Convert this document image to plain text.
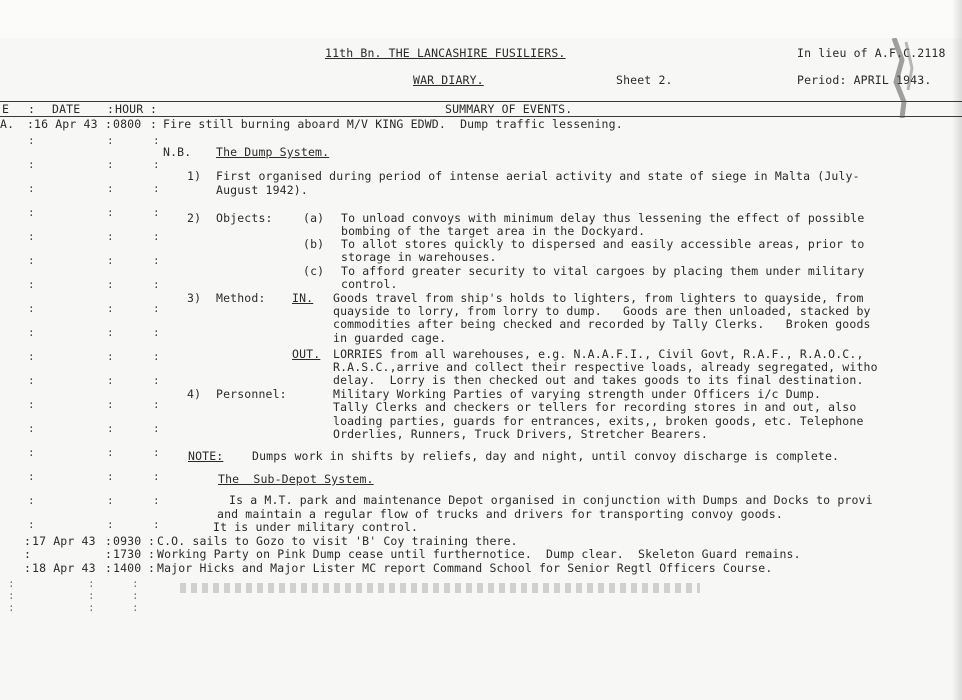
11th Bn. THE LANCASHIRE FUSILIERS.	In lieu of A.F.C.2118
WAR DIARY.	Sheet 2.	Period: APRIL 1943.
E : DATE : HOUR :	SUMMARY OF EVENTS.
A. : 16 Apr 43 : 0800 : Fire still burning aboard M/V KING EDWD.  Dump traffic lessening.
:

:

:

:

:

:

:

:

:

:

:

:

:

:

:

:

:
:

:

:

:

:

:

:

:

:

:

:

:

:

:

:

:

:
:

:

:

:

:

:

:

:

:

:

:

:

:

:

:

:

:
N.B. The Dump System.
1) First organised during period of intense aerial activity and state of siege in Malta (July-
August 1942).
2) Objects:	(a) To unload convoys with minimum delay thus lessening the effect of possible
bombing of the target area in the Dockyard.
(b) To allot stores quickly to dispersed and easily accessible areas, prior to
storage in warehouses.
(c) To afford greater security to vital cargoes by placing them under military
control.
3) Method: IN. Goods travel from ship's holds to lighters, from lighters to quayside, from
quayside to lorry, from lorry to dump.   Goods are then unloaded, stacked by
commodities after being checked and recorded by Tally Clerks.   Broken goods
in guarded cage.
OUT. LORRIES from all warehouses, e.g. N.A.A.F.I., Civil Govt, R.A.F., R.A.O.C.,
R.A.S.C.,arrive and collect their respective loads, already segregated, witho
delay.  Lorry is then checked out and takes goods to its final destination.
4) Personnel:	Military Working Parties of varying strength under Officers i/c Dump.
Tally Clerks and checkers or tellers for recording stores in and out, also
loading parties, guards for entrances, exits,, broken goods, etc. Telephone
Orderlies, Runners, Truck Drivers, Stretcher Bearers.
NOTE: Dumps work in shifts by reliefs, day and night, until convoy discharge is complete.
The  Sub-Depot System.
Is a M.T. park and maintenance Depot organised in conjunction with Dumps and Docks to provi
and maintain a regular flow of trucks and drivers for transporting convoy goods.
It is under military control.
: 17 Apr 43 : 0930 : C.O. sails to Gozo to visit 'B' Coy training there.
:	: 1730 : Working Party on Pink Dump cease until furthernotice.  Dump clear.  Skeleton Guard remains.
: 18 Apr 43 : 1400 : Major Hicks and Major Lister MC report Command School for Senior Regtl Officers Course.
:
:
:
:
:
:
:
:
:
